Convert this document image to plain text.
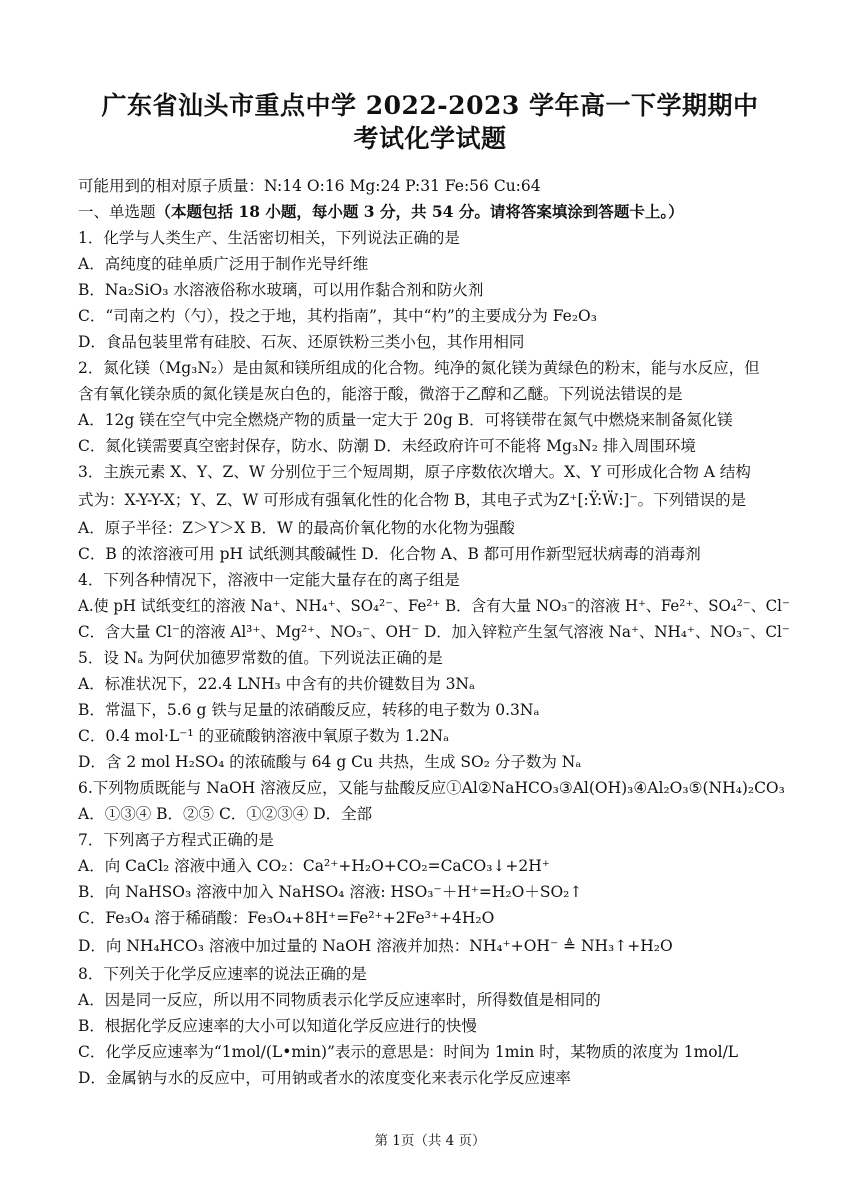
广东省汕头市重点中学 2022-2023 学年高一下学期期中
考试化学试题
可能用到的相对原子质量：N:14 O:16 Mg:24 P:31 Fe:56 Cu:64
一、单选题（本题包括 18 小题，每小题 3 分，共 54 分。请将答案填涂到答题卡上。）
1．化学与人类生产、生活密切相关，下列说法正确的是
A．高纯度的硅单质广泛用于制作光导纤维
B．Na₂SiO₃ 水溶液俗称水玻璃，可以用作黏合剂和防火剂
C．“司南之杓（勺），投之于地，其杓指南”，其中“杓”的主要成分为 Fe₂O₃
D．食品包装里常有硅胶、石灰、还原铁粉三类小包，其作用相同
2．氮化镁（Mg₃N₂）是由氮和镁所组成的化合物。纯净的氮化镁为黄绿色的粉末，能与水反应，但
含有氧化镁杂质的氮化镁是灰白色的，能溶于酸，微溶于乙醇和乙醚。下列说法错误的是
A．12g 镁在空气中完全燃烧产物的质量一定大于 20g B．可将镁带在氮气中燃烧来制备氮化镁
C．氮化镁需要真空密封保存，防水、防潮 D．未经政府许可不能将 Mg₃N₂ 排入周围环境
3．主族元素 X、Y、Z、W 分别位于三个短周期，原子序数依次增大。X、Y 可形成化合物 A 结构
式为：X-Y-Y-X；Y、Z、W 可形成有强氧化性的化合物 B，其电子式为Z⁺[:Ÿ:Ẅ:]⁻。下列错误的是
A．原子半径：Z＞Y＞X B．W 的最高价氧化物的水化物为强酸
C．B 的浓溶液可用 pH 试纸测其酸碱性 D．化合物 A、B 都可用作新型冠状病毒的消毒剂
4．下列各种情况下，溶液中一定能大量存在的离子组是
A.使 pH 试纸变红的溶液 Na⁺、NH₄⁺、SO₄²⁻、Fe²⁺ B．含有大量 NO₃⁻的溶液 H⁺、Fe²⁺、SO₄²⁻、Cl⁻
C．含大量 Cl⁻的溶液 Al³⁺、Mg²⁺、NO₃⁻、OH⁻ D．加入锌粒产生氢气溶液 Na⁺、NH₄⁺、NO₃⁻、Cl⁻
5．设 Nₐ 为阿伏加德罗常数的值。下列说法正确的是
A．标准状况下，22.4 LNH₃ 中含有的共价键数目为 3Nₐ
B．常温下，5.6 g 铁与足量的浓硝酸反应，转移的电子数为 0.3Nₐ
C．0.4 mol·L⁻¹ 的亚硫酸钠溶液中氧原子数为 1.2Nₐ
D．含 2 mol H₂SO₄ 的浓硫酸与 64 g Cu 共热，生成 SO₂ 分子数为 Nₐ
6.下列物质既能与 NaOH 溶液反应，又能与盐酸反应①Al②NaHCO₃③Al(OH)₃④Al₂O₃⑤(NH₄)₂CO₃
A．①③④ B．②⑤ C．①②③④ D．全部
7．下列离子方程式正确的是
A．向 CaCl₂ 溶液中通入 CO₂：Ca²⁺+H₂O+CO₂=CaCO₃↓+2H⁺
B．向 NaHSO₃ 溶液中加入 NaHSO₄ 溶液: HSO₃⁻＋H⁺=H₂O＋SO₂↑
C．Fe₃O₄ 溶于稀硝酸：Fe₃O₄+8H⁺=Fe²⁺+2Fe³⁺+4H₂O
D．向 NH₄HCO₃ 溶液中加过量的 NaOH 溶液并加热：NH₄⁺+OH⁻ ≜ NH₃↑+H₂O
8．下列关于化学反应速率的说法正确的是
A．因是同一反应，所以用不同物质表示化学反应速率时，所得数值是相同的
B．根据化学反应速率的大小可以知道化学反应进行的快慢
C．化学反应速率为“1mol/(L•min)”表示的意思是：时间为 1min 时，某物质的浓度为 1mol/L
D．金属钠与水的反应中，可用钠或者水的浓度变化来表示化学反应速率
第 1页（共 4 页）
